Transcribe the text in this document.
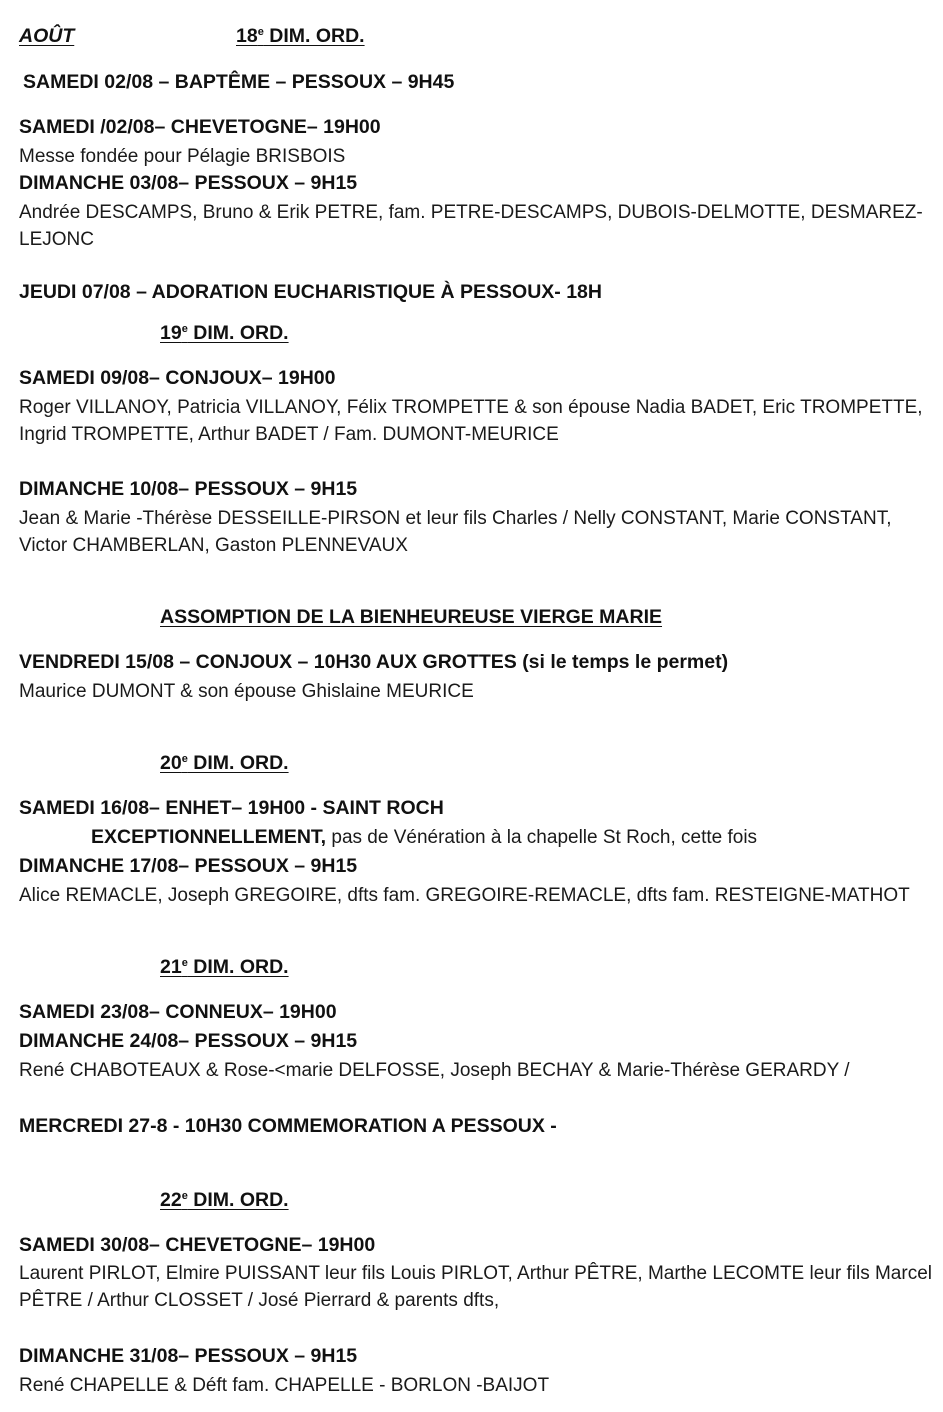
AOÛT	18e DIM. ORD.
SAMEDI 02/08 – BAPTÊME – PESSOUX – 9H45
SAMEDI /02/08– CHEVETOGNE– 19H00
Messe fondée pour Pélagie BRISBOIS
DIMANCHE 03/08– PESSOUX – 9H15
Andrée DESCAMPS, Bruno & Erik PETRE, fam. PETRE-DESCAMPS, DUBOIS-DELMOTTE, DESMAREZ-
LEJONC
JEUDI 07/08 – ADORATION EUCHARISTIQUE À PESSOUX- 18H
19e DIM. ORD.
SAMEDI 09/08– CONJOUX– 19H00
Roger VILLANOY, Patricia VILLANOY, Félix TROMPETTE & son épouse Nadia BADET, Eric TROMPETTE,
Ingrid TROMPETTE, Arthur BADET / Fam. DUMONT-MEURICE
DIMANCHE 10/08– PESSOUX – 9H15
Jean & Marie -Thérèse DESSEILLE-PIRSON et leur fils Charles / Nelly CONSTANT, Marie CONSTANT,
Victor CHAMBERLAN, Gaston PLENNEVAUX
ASSOMPTION DE LA BIENHEUREUSE VIERGE MARIE
VENDREDI 15/08 – CONJOUX – 10H30 AUX GROTTES (si le temps le permet)
Maurice DUMONT & son épouse Ghislaine MEURICE
20e DIM. ORD.
SAMEDI 16/08– ENHET– 19H00 - SAINT ROCH
EXCEPTIONNELLEMENT, pas de Vénération à la chapelle St Roch, cette fois
DIMANCHE 17/08– PESSOUX – 9H15
Alice REMACLE, Joseph GREGOIRE, dfts fam. GREGOIRE-REMACLE, dfts fam. RESTEIGNE-MATHOT
21e DIM. ORD.
SAMEDI 23/08– CONNEUX– 19H00
DIMANCHE 24/08– PESSOUX – 9H15
René CHABOTEAUX & Rose-<marie DELFOSSE, Joseph BECHAY & Marie-Thérèse GERARDY /
MERCREDI 27-8 - 10H30 COMMEMORATION A PESSOUX -
22e DIM. ORD.
SAMEDI 30/08– CHEVETOGNE– 19H00
Laurent PIRLOT, Elmire PUISSANT leur fils Louis PIRLOT, Arthur PÊTRE, Marthe LECOMTE leur fils Marcel
PÊTRE / Arthur CLOSSET / José Pierrard & parents dfts,
DIMANCHE 31/08– PESSOUX – 9H15
René CHAPELLE & Déft fam. CHAPELLE - BORLON -BAIJOT
